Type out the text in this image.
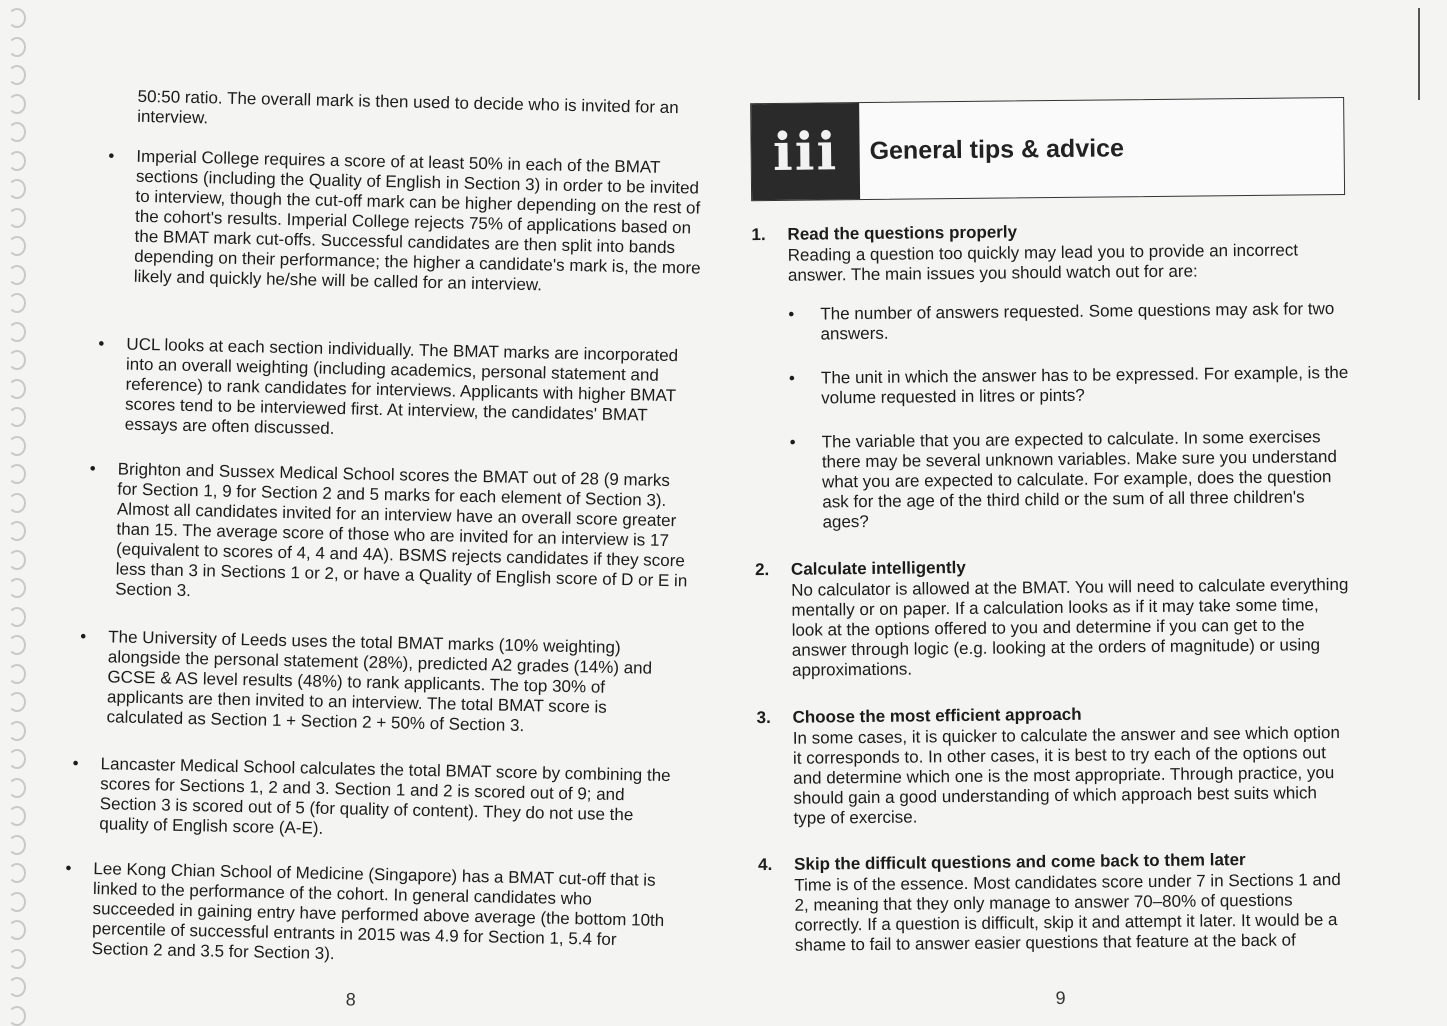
50:50 ratio. The overall mark is then used to decide who is invited for an interview.

• Imperial College requires a score of at least 50% in each of the BMAT sections (including the Quality of English in Section 3) in order to be invited to interview, though the cut-off mark can be higher depending on the rest of the cohort's results. Imperial College rejects 75% of applications based on the BMAT mark cut-offs. Successful candidates are then split into bands depending on their performance; the higher a candidate's mark is, the more likely and quickly he/she will be called for an interview.

• UCL looks at each section individually. The BMAT marks are incorporated into an overall weighting (including academics, personal statement and reference) to rank candidates for interviews. Applicants with higher BMAT scores tend to be interviewed first. At interview, the candidates' BMAT essays are often discussed.

• Brighton and Sussex Medical School scores the BMAT out of 28 (9 marks for Section 1, 9 for Section 2 and 5 marks for each element of Section 3). Almost all candidates invited for an interview have an overall score greater than 15. The average score of those who are invited for an interview is 17 (equivalent to scores of 4, 4 and 4A). BSMS rejects candidates if they score less than 3 in Sections 1 or 2, or have a Quality of English score of D or E in Section 3.

• The University of Leeds uses the total BMAT marks (10% weighting) alongside the personal statement (28%), predicted A2 grades (14%) and GCSE & AS level results (48%) to rank applicants. The top 30% of applicants are then invited to an interview. The total BMAT score is calculated as Section 1 + Section 2 + 50% of Section 3.

• Lancaster Medical School calculates the total BMAT score by combining the scores for Sections 1, 2 and 3. Section 1 and 2 is scored out of 9; and Section 3 is scored out of 5 (for quality of content). They do not use the quality of English score (A-E).

• Lee Kong Chian School of Medicine (Singapore) has a BMAT cut-off that is linked to the performance of the cohort. In general candidates who succeeded in gaining entry have performed above average (the bottom 10th percentile of successful entrants in 2015 was 4.9 for Section 1, 5.4 for Section 2 and 3.5 for Section 3).

8
iii	General tips & advice
1. Read the questions properly

Reading a question too quickly may lead you to provide an incorrect answer. The main issues you should watch out for are:

• The number of answers requested. Some questions may ask for two answers.

• The unit in which the answer has to be expressed. For example, is the volume requested in litres or pints?

• The variable that you are expected to calculate. In some exercises there may be several unknown variables. Make sure you understand what you are expected to calculate. For example, does the question ask for the age of the third child or the sum of all three children's ages?

2. Calculate intelligently

No calculator is allowed at the BMAT. You will need to calculate everything mentally or on paper. If a calculation looks as if it may take some time, look at the options offered to you and determine if you can get to the answer through logic (e.g. looking at the orders of magnitude) or using approximations.

3. Choose the most efficient approach

In some cases, it is quicker to calculate the answer and see which option it corresponds to. In other cases, it is best to try each of the options out and determine which one is the most appropriate. Through practice, you should gain a good understanding of which approach best suits which type of exercise.

4. Skip the difficult questions and come back to them later

Time is of the essence. Most candidates score under 7 in Sections 1 and 2, meaning that they only manage to answer 70–80% of questions correctly. If a question is difficult, skip it and attempt it later. It would be a shame to fail to answer easier questions that feature at the back of

9
